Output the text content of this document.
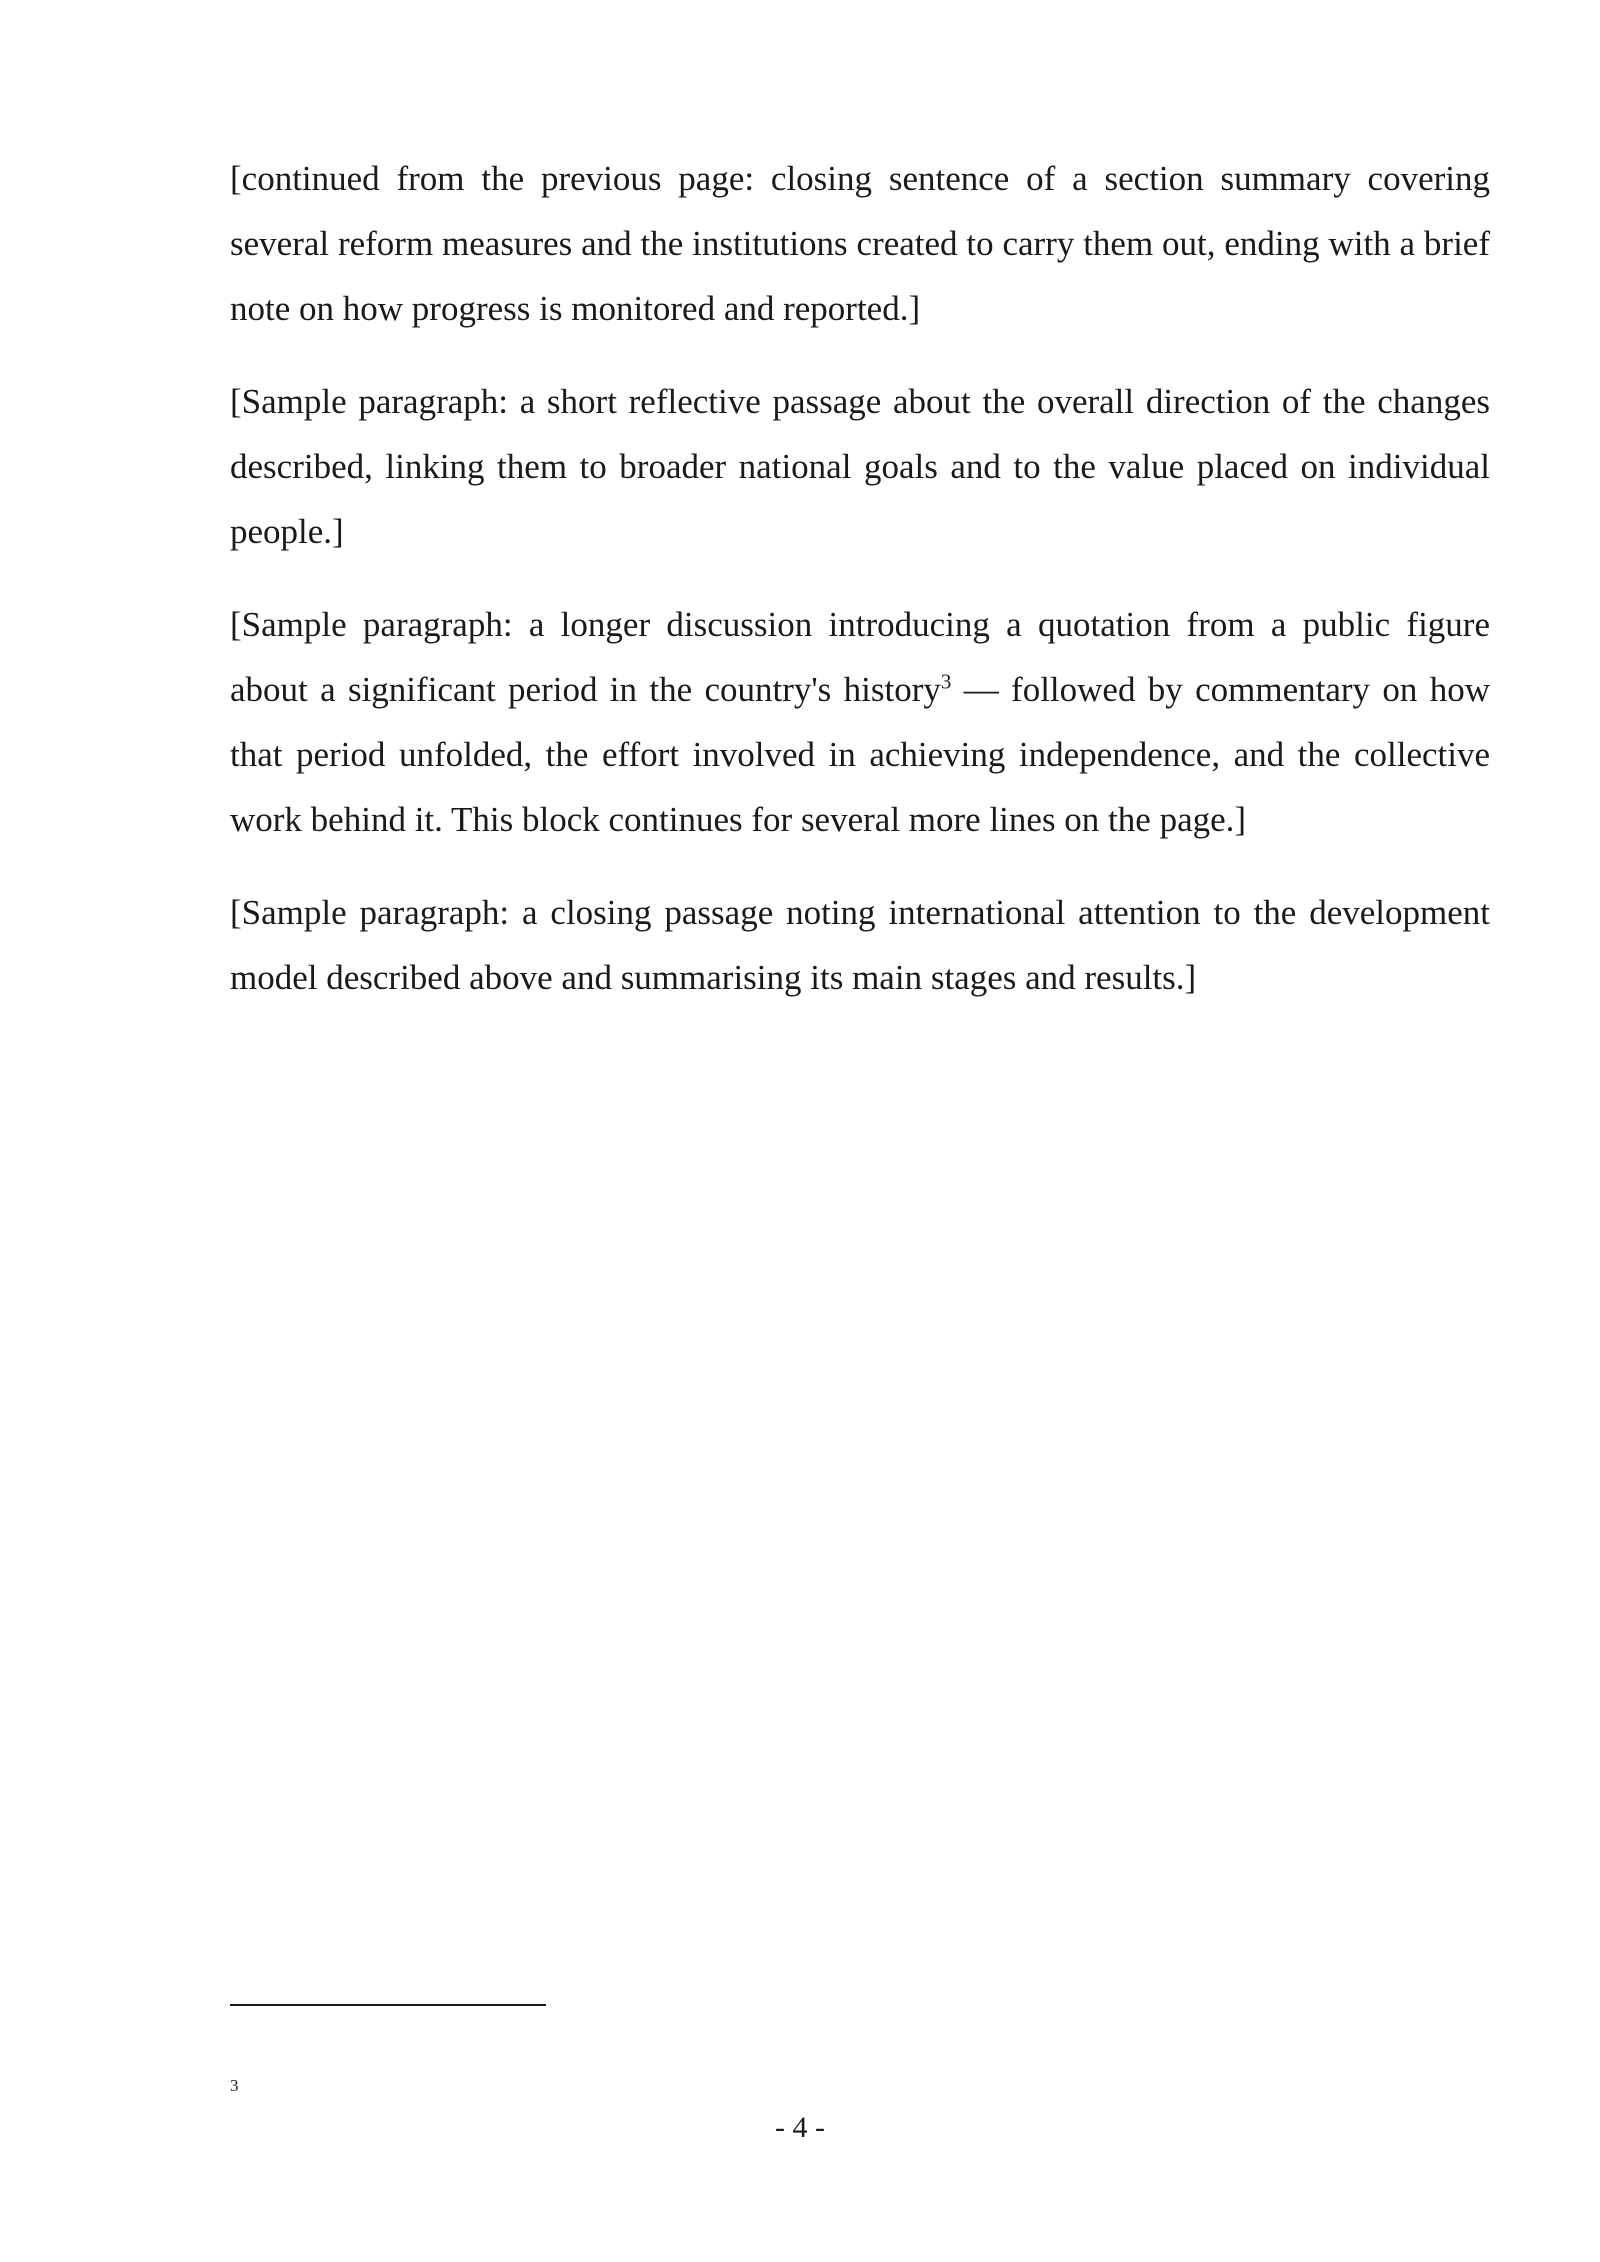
[continued from the previous page: closing sentence of a section summary covering several reform measures and the institutions created to carry them out, ending with a brief note on how progress is monitored and reported.]

[Sample paragraph: a short reflective passage about the overall direction of the changes described, linking them to broader national goals and to the value placed on individual people.]

[Sample paragraph: a longer discussion introducing a quotation from a public figure about a significant period in the country's history$^3$ — followed by commentary on how that period unfolded, the effort involved in achieving independence, and the collective work behind it. This block continues for several more lines on the page.]

[Sample paragraph: a closing passage noting international attention to the development model described above and summarising its main stages and results.]

3
- 4 -
